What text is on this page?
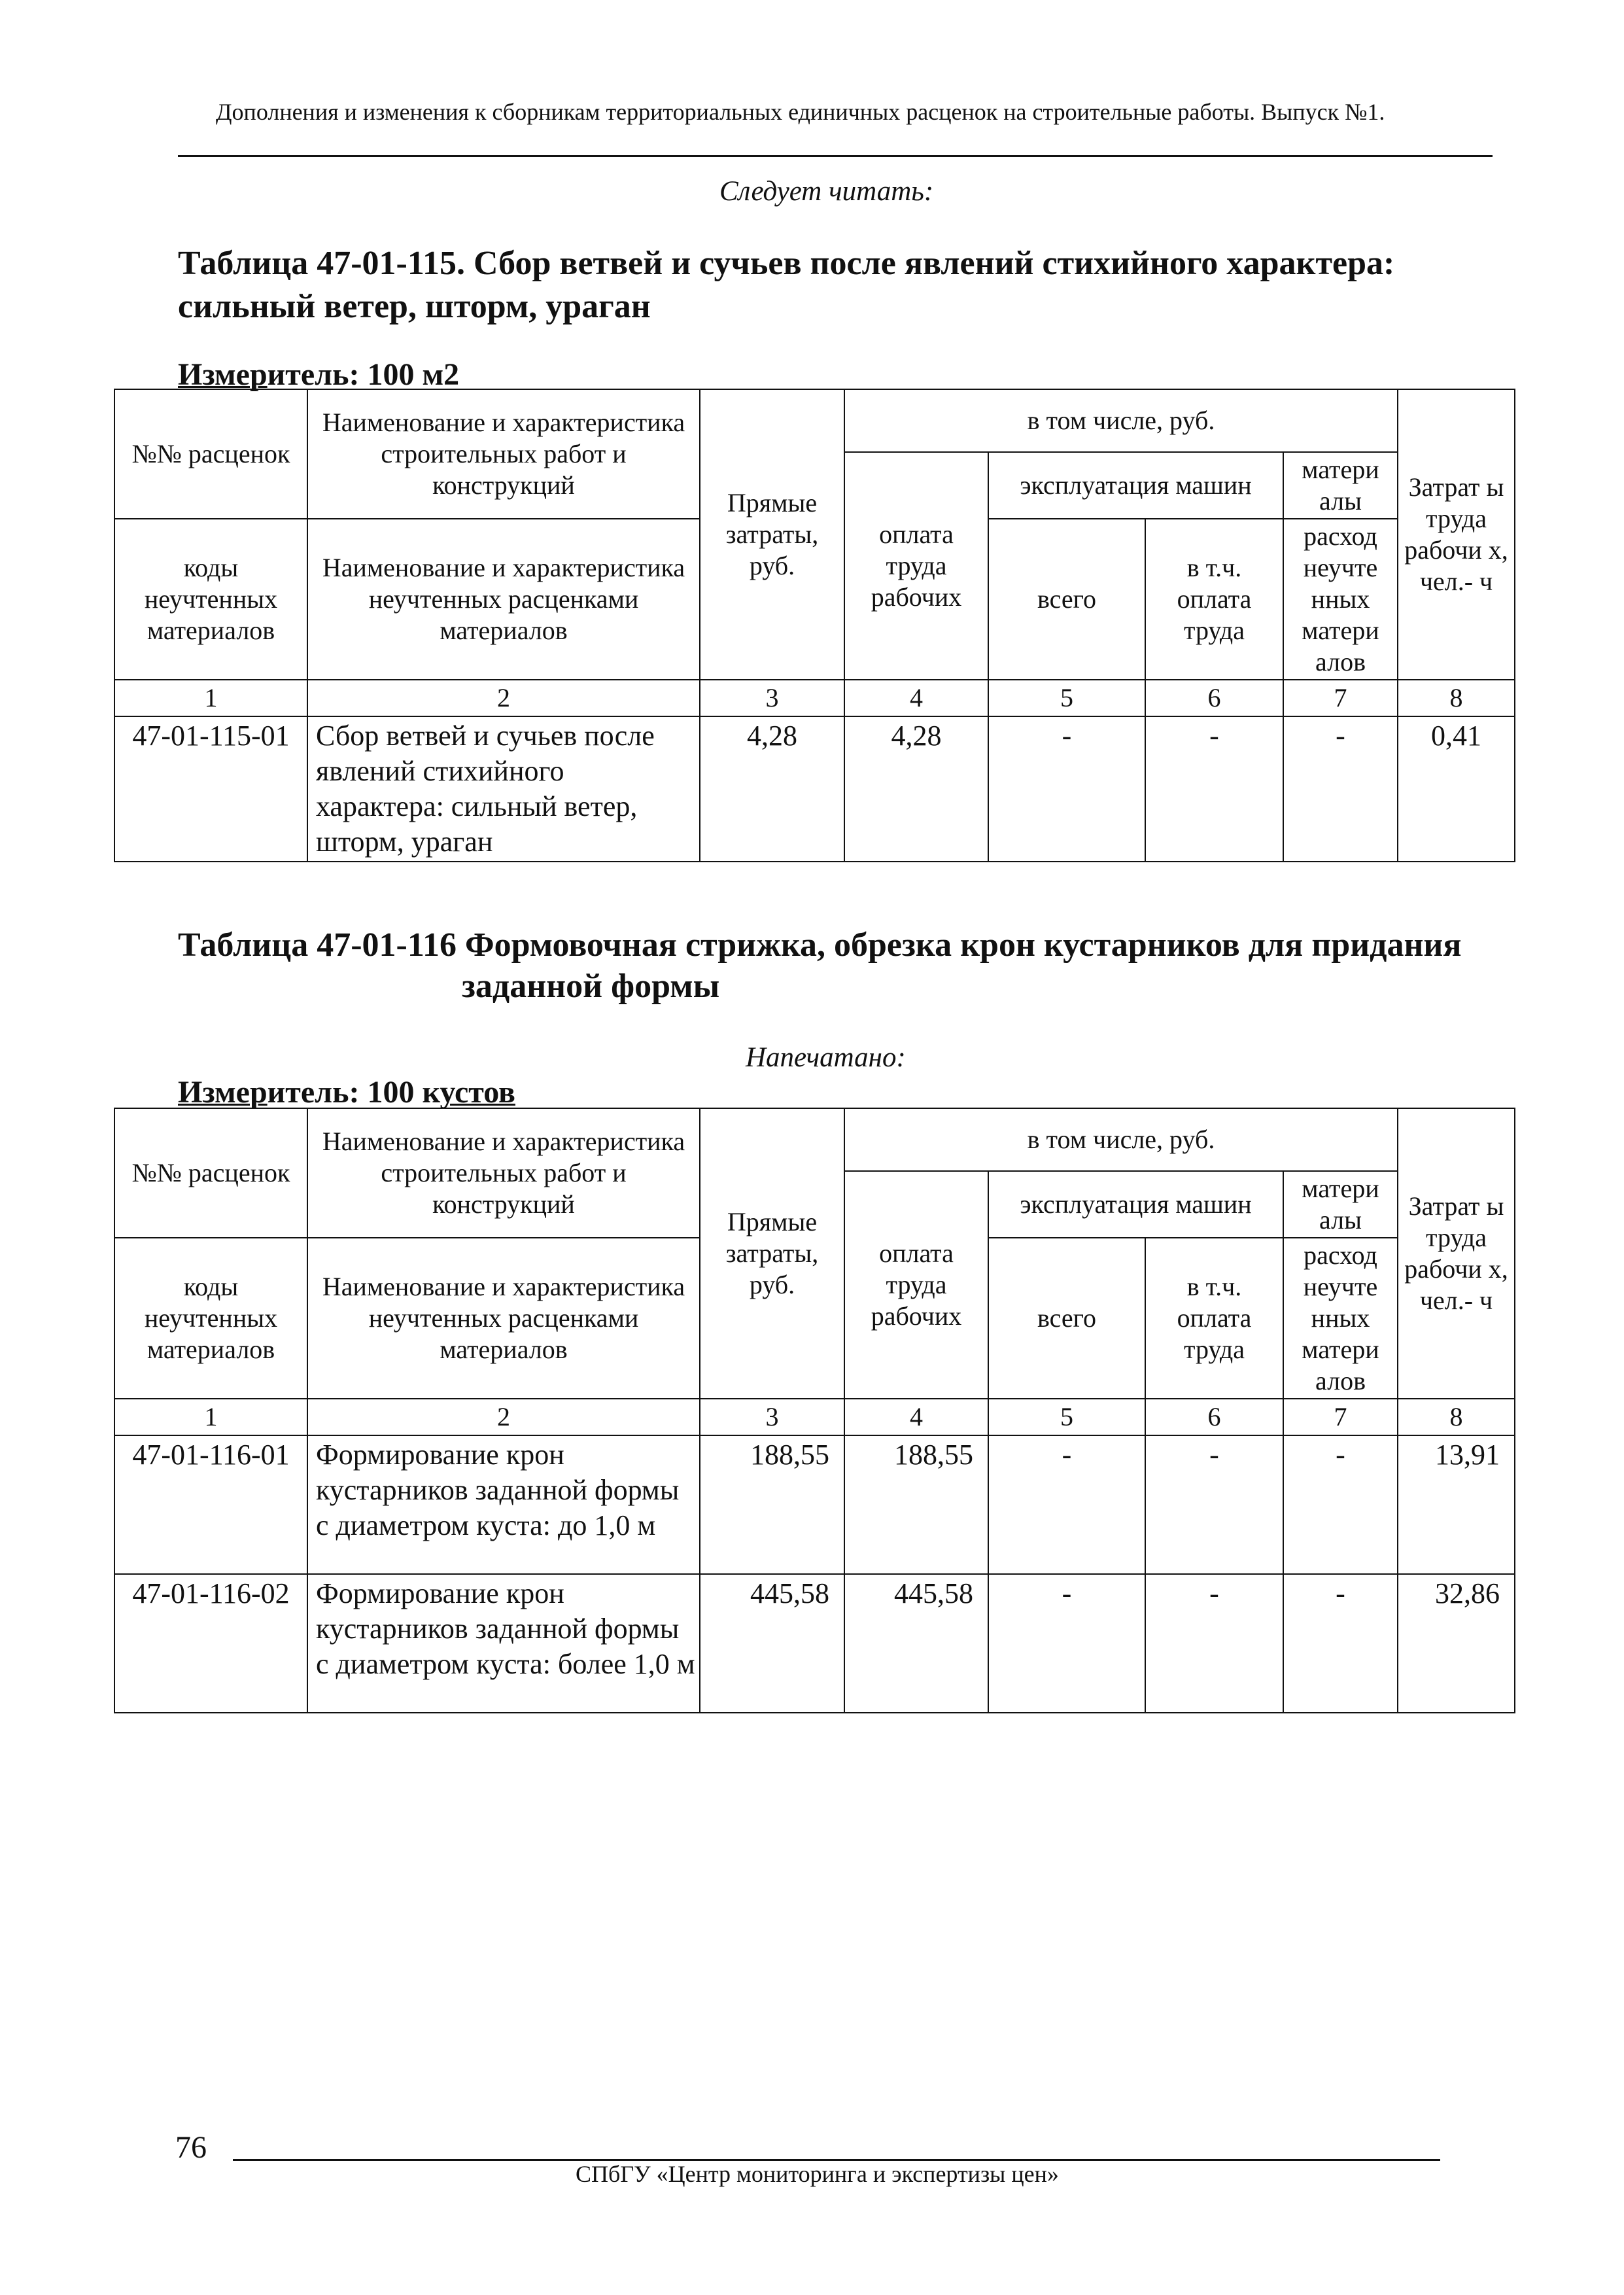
Дополнения и изменения к сборникам территориальных единичных расценок на строительные работы. Выпуск №1.
Следует читать:
Таблица 47-01-115. Сбор ветвей и сучьев после явлений стихийного характера: сильный ветер, шторм, ураган
Измеритель: 100 м2
№№ расценок	Наименование и характеристика строительных работ и конструкций	Прямые затраты, руб.	в том числе, руб.				Затрат ы труда рабочи х, чел.- ч
			оплата труда рабочих	эксплуатация машин		матери алы	
коды неучтенных материалов	Наименование и характеристика неучтенных расценками материалов			всего	в т.ч. оплата труда	расход неучте нных матери алов	
1	2	3	4	5	6	7	8
47-01-115-01	Сбор ветвей и сучьев после явлений стихийного характера: сильный ветер, шторм, ураган	4,28	4,28	-	-	-	0,41
Таблица 47-01-116 Формовочная стрижка, обрезка крон кустарников для придания
заданной формы
Напечатано:
Измеритель: 100 кустов
№№ расценок	Наименование и характеристика строительных работ и конструкций	Прямые затраты, руб.	в том числе, руб.				Затрат ы труда рабочи х, чел.- ч
			оплата труда рабочих	эксплуатация машин		матери алы	
коды неучтенных материалов	Наименование и характеристика неучтенных расценками материалов			всего	в т.ч. оплата труда	расход неучте нных матери алов	
1	2	3	4	5	6	7	8
47-01-116-01	Формирование крон кустарников заданной формы с диаметром куста: до 1,0 м	188,55	188,55	-	-	-	13,91
47-01-116-02	Формирование крон кустарников заданной формы с диаметром куста: более 1,0 м	445,58	445,58	-	-	-	32,86
76
СПбГУ «Центр мониторинга и экспертизы цен»
